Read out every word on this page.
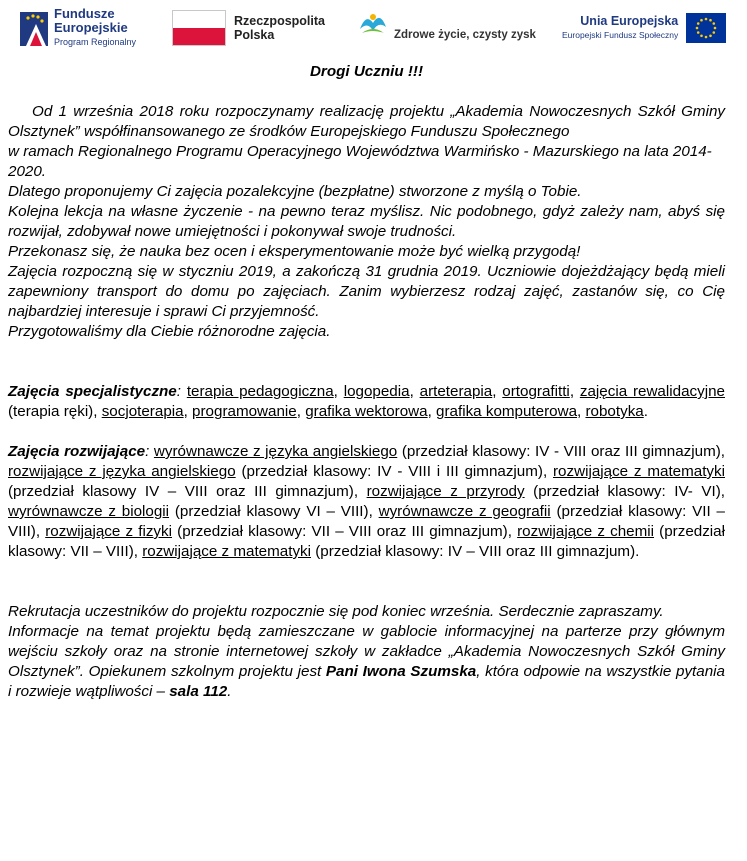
Fundusze
Europejskie
Program Regionalny
Rzeczpospolita
Polska	Zdrowe życie, czysty zysk
Unia Europejska
Europejski Fundusz Społeczny

Drogi Uczniu !!!

Od 1 września 2018 roku rozpoczynamy realizację projektu „Akademia Nowoczesnych Szkół Gminy Olsztynek” współfinansowanego ze środków Europejskiego Funduszu Społecznego

w ramach Regionalnego Programu Operacyjnego Województwa Warmińsko - Mazurskiego na lata 2014-2020.

Dlatego proponujemy Ci zajęcia pozalekcyjne (bezpłatne) stworzone z myślą o Tobie.

Kolejna lekcja na własne życzenie - na pewno teraz myślisz. Nic podobnego, gdyż zależy nam, abyś się rozwijał, zdobywał nowe umiejętności i pokonywał swoje trudności.

Przekonasz się, że nauka bez ocen i eksperymentowanie może być wielką przygodą!

Zajęcia rozpoczną się w styczniu 2019, a zakończą 31 grudnia 2019. Uczniowie dojeżdżający będą mieli zapewniony transport do domu po zajęciach. Zanim wybierzesz rodzaj zajęć, zastanów się, co Cię najbardziej interesuje i sprawi Ci przyjemność.

Przygotowaliśmy dla Ciebie różnorodne zajęcia.

Zajęcia specjalistyczne: terapia pedagogiczna, logopedia, arteterapia, ortografitti, zajęcia rewalidacyjne (terapia ręki), socjoterapia, programowanie, grafika wektorowa, grafika komputerowa, robotyka.

Zajęcia rozwijające: wyrównawcze z języka angielskiego (przedział klasowy: IV - VIII oraz III gimnazjum), rozwijające z języka angielskiego (przedział klasowy: IV - VIII i III gimnazjum), rozwijające z matematyki (przedział klasowy IV – VIII oraz III gimnazjum), rozwijające z przyrody (przedział klasowy: IV- VI), wyrównawcze z biologii (przedział klasowy VI – VIII), wyrównawcze z geografii (przedział klasowy: VII – VIII), rozwijające z fizyki (przedział klasowy: VII – VIII oraz III gimnazjum), rozwijające z chemii (przedział klasowy: VII – VIII), rozwijające z matematyki (przedział klasowy: IV – VIII oraz III gimnazjum).

Rekrutacja uczestników do projektu rozpocznie się pod koniec września. Serdecznie zapraszamy.

Informacje na temat projektu będą zamieszczane w gablocie informacyjnej na parterze przy głównym wejściu szkoły oraz na stronie internetowej szkoły w zakładce „Akademia Nowoczesnych Szkół Gminy Olsztynek”. Opiekunem szkolnym projektu jest Pani Iwona Szumska, która odpowie na wszystkie pytania i rozwieje wątpliwości – sala 112.
